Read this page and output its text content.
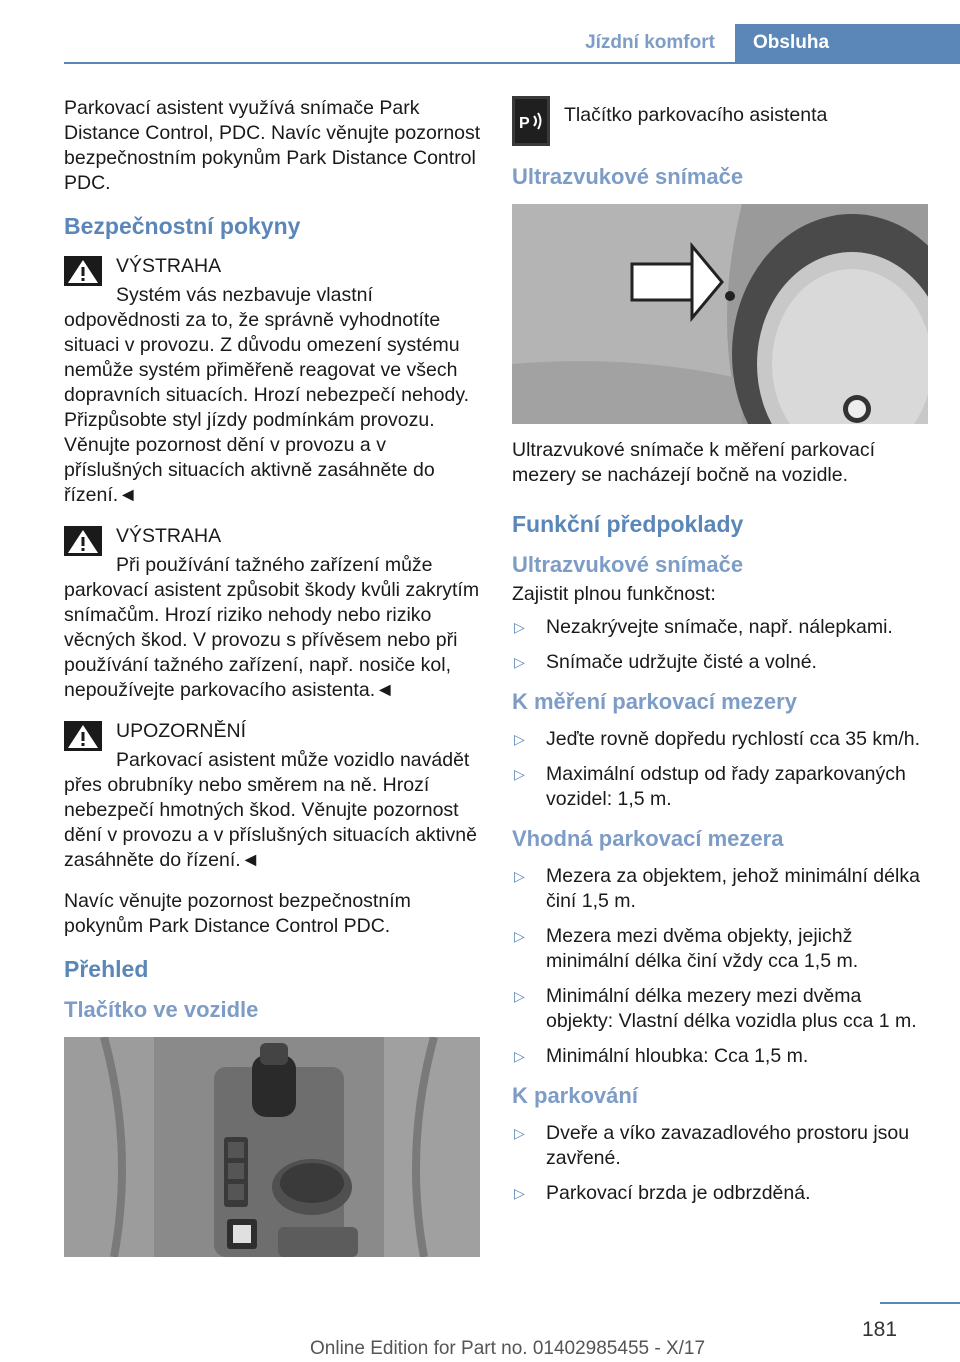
Jízdní komfort	Obsluha

Parkovací asistent využívá snímače Park Distance Control, PDC. Navíc věnujte pozornost bezpečnostním pokynům Park Distance Control PDC.

Bezpečnostní pokyny

VÝSTRAHA

Systém vás nezbavuje vlastní odpovědnosti za to, že správně vyhodnotíte situaci v provozu. Z důvodu omezení systému nemůže systém přiměřeně reagovat ve všech dopravních situacích. Hrozí nebezpečí nehody. Přizpůsobte styl jízdy podmínkám provozu. Věnujte pozornost dění v provozu a v příslušných situacích aktivně zasáhněte do řízení.◄

VÝSTRAHA

Při používání tažného zařízení může parkovací asistent způsobit škody kvůli zakrytím snímačům. Hrozí riziko nehody nebo riziko věcných škod. V provozu s přívěsem nebo při používání tažného zařízení, např. nosiče kol, nepoužívejte parkovacího asistenta.◄

UPOZORNĚNÍ

Parkovací asistent může vozidlo navádět přes obrubníky nebo směrem na ně. Hrozí nebezpečí hmotných škod. Věnujte pozornost dění v provozu a v příslušných situacích aktivně zasáhněte do řízení.◄

Navíc věnujte pozornost bezpečnostním pokynům Park Distance Control PDC.

Přehled
Tlačítko ve vozidle
P Tlačítko parkovacího asistenta
Ultrazvukové snímače

Ultrazvukové snímače k měření parkovací mezery se nacházejí bočně na vozidle.

Funkční předpoklady
Ultrazvukové snímače

Zajistit plnou funkčnost:

▷ Nezakrývejte snímače, např. nálepkami.
▷ Snímače udržujte čisté a volné.
K měření parkovací mezery
▷ Jeďte rovně dopředu rychlostí cca 35 km/h.
▷ Maximální odstup od řady zaparkovaných vozidel: 1,5 m.
Vhodná parkovací mezera
▷ Mezera za objektem, jehož minimální délka činí 1,5 m.
▷ Mezera mezi dvěma objekty, jejichž minimální délka činí vždy cca 1,5 m.
▷ Minimální délka mezery mezi dvěma objekty: Vlastní délka vozidla plus cca 1 m.
▷ Minimální hloubka: Cca 1,5 m.
K parkování
▷ Dveře a víko zavazadlového prostoru jsou zavřené.
▷ Parkovací brzda je odbrzděná.
181
Online Edition for Part no. 01402985455 - X/17
